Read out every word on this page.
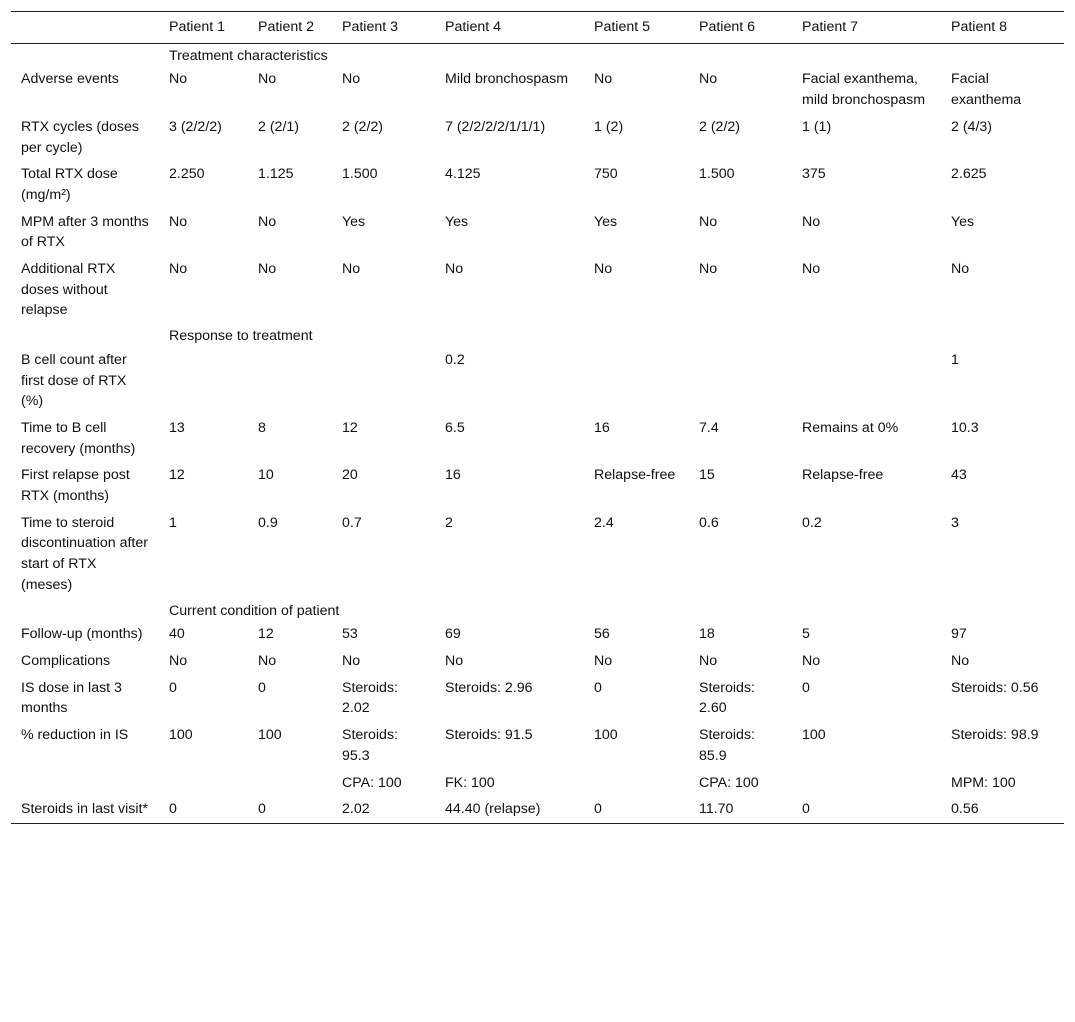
	Patient 1	Patient 2	Patient 3	Patient 4	Patient 5	Patient 6	Patient 7	Patient 8
	Treatment characteristics							
Adverse events	No	No	No	Mild bronchospasm	No	No	Facial exanthema, mild bronchospasm	Facial exanthema
RTX cycles (doses per cycle)	3 (2/2/2)	2 (2/1)	2 (2/2)	7 (2/2/2/2/1/1/1)	1 (2)	2 (2/2)	1 (1)	2 (4/3)
Total RTX dose (mg/m²)	2.250	1.125	1.500	4.125	750	1.500	375	2.625
MPM after 3 months of RTX	No	No	Yes	Yes	Yes	No	No	Yes
Additional RTX doses without relapse	No	No	No	No	No	No	No	No
	Response to treatment							
B cell count after first dose of RTX (%)				0.2				1
Time to B cell recovery (months)	13	8	12	6.5	16	7.4	Remains at 0%	10.3
First relapse post RTX (months)	12	10	20	16	Relapse-free	15	Relapse-free	43
Time to steroid discontinuation after start of RTX (meses)	1	0.9	0.7	2	2.4	0.6	0.2	3
	Current condition of patient							
Follow-up (months)	40	12	53	69	56	18	5	97
Complications	No	No	No	No	No	No	No	No
IS dose in last 3 months	0	0	Steroids: 2.02	Steroids: 2.96	0	Steroids: 2.60	0	Steroids: 0.56
% reduction in IS	100	100	Steroids: 95.3	Steroids: 91.5	100	Steroids: 85.9	100	Steroids: 98.9
			CPA: 100	FK: 100		CPA: 100		MPM: 100
Steroids in last visit*	0	0	2.02	44.40 (relapse)	0	11.70	0	0.56
